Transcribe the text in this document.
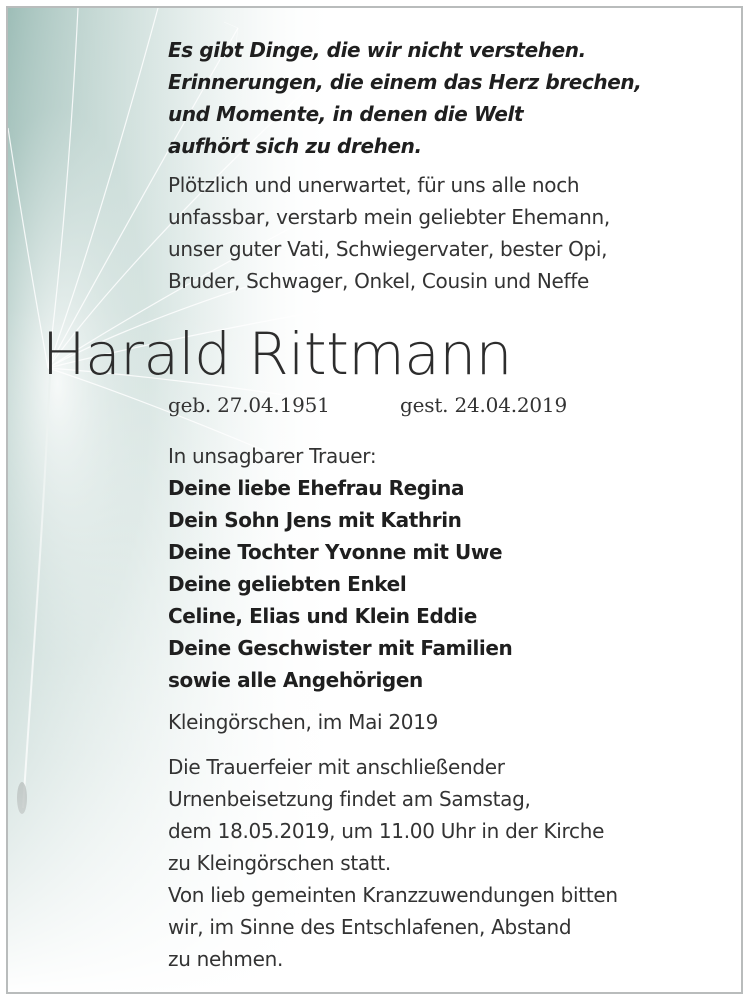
Es gibt Dinge, die wir nicht verstehen.
Erinnerungen, die einem das Herz brechen,
und Momente, in denen die Welt
aufhört sich zu drehen.
Plötzlich und unerwartet, für uns alle noch
unfassbar, verstarb mein geliebter Ehemann,
unser guter Vati, Schwiegervater, bester Opi,
Bruder, Schwager, Onkel, Cousin und Neffe
Harald Rittmann
geb. 27.04.1951	gest. 24.04.2019
In unsagbarer Trauer:
Deine liebe Ehefrau Regina
Dein Sohn Jens mit Kathrin
Deine Tochter Yvonne mit Uwe
Deine geliebten Enkel
Celine, Elias und Klein Eddie
Deine Geschwister mit Familien
sowie alle Angehörigen
Kleingörschen, im Mai 2019
Die Trauerfeier mit anschließender
Urnenbeisetzung findet am Samstag,
dem 18.05.2019, um 11.00 Uhr in der Kirche
zu Kleingörschen statt.
Von lieb gemeinten Kranzzuwendungen bitten
wir, im Sinne des Entschlafenen, Abstand
zu nehmen.
